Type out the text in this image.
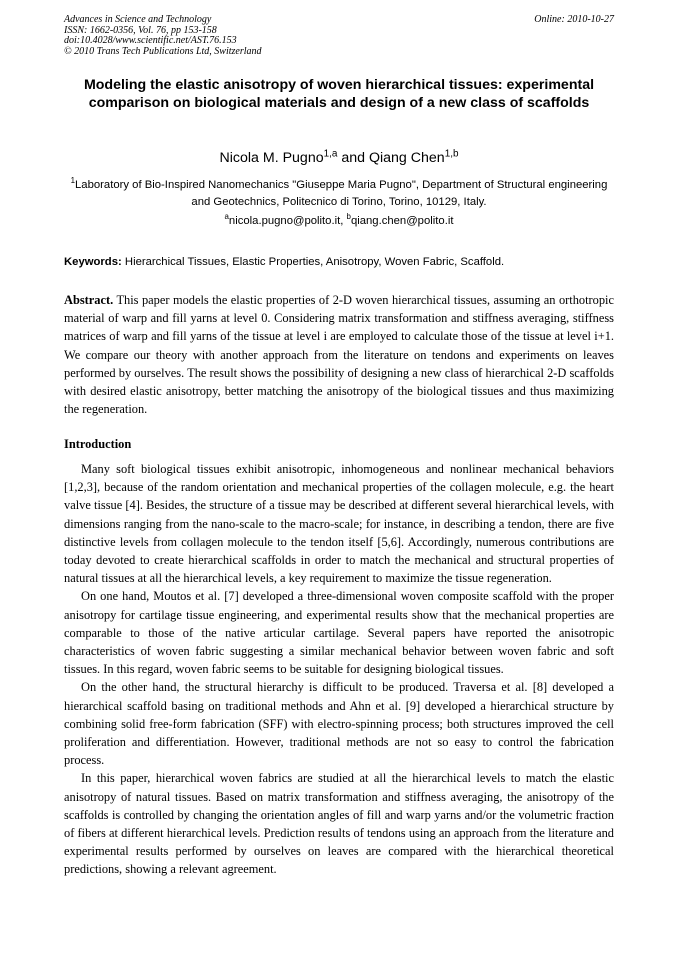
Advances in Science and Technology
ISSN: 1662-0356, Vol. 76, pp 153-158
doi:10.4028/www.scientific.net/AST.76.153
© 2010 Trans Tech Publications Ltd, Switzerland
Online: 2010-10-27
Modeling the elastic anisotropy of woven hierarchical tissues: experimental comparison on biological materials and design of a new class of scaffolds
Nicola M. Pugno$^{1,a}$ and Qiang Chen$^{1,b}$
$^1$Laboratory of Bio-Inspired Nanomechanics "Giuseppe Maria Pugno", Department of Structural engineering and Geotechnics, Politecnico di Torino, Torino, 10129, Italy.
$^a$nicola.pugno@polito.it, $^b$qiang.chen@polito.it
Keywords: Hierarchical Tissues, Elastic Properties, Anisotropy, Woven Fabric, Scaffold.
Abstract. This paper models the elastic properties of 2-D woven hierarchical tissues, assuming an orthotropic material of warp and fill yarns at level 0. Considering matrix transformation and stiffness averaging, stiffness matrices of warp and fill yarns of the tissue at level i are employed to calculate those of the tissue at level i+1. We compare our theory with another approach from the literature on tendons and experiments on leaves performed by ourselves. The result shows the possibility of designing a new class of hierarchical 2-D scaffolds with desired elastic anisotropy, better matching the anisotropy of the biological tissues and thus maximizing the regeneration.
Introduction

Many soft biological tissues exhibit anisotropic, inhomogeneous and nonlinear mechanical behaviors [1,2,3], because of the random orientation and mechanical properties of the collagen molecule, e.g. the heart valve tissue [4]. Besides, the structure of a tissue may be described at different several hierarchical levels, with dimensions ranging from the nano-scale to the macro-scale; for instance, in describing a tendon, there are five distinctive levels from collagen molecule to the tendon itself [5,6]. Accordingly, numerous contributions are today devoted to create hierarchical scaffolds in order to match the mechanical and structural properties of natural tissues at all the hierarchical levels, a key requirement to maximize the tissue regeneration.

On one hand, Moutos et al. [7] developed a three-dimensional woven composite scaffold with the proper anisotropy for cartilage tissue engineering, and experimental results show that the mechanical properties are comparable to those of the native articular cartilage. Several papers have reported the anisotropic characteristics of woven fabric suggesting a similar mechanical behavior between woven fabric and soft tissues. In this regard, woven fabric seems to be suitable for designing biological tissues.

On the other hand, the structural hierarchy is difficult to be produced. Traversa et al. [8] developed a hierarchical scaffold basing on traditional methods and Ahn et al. [9] developed a hierarchical structure by combining solid free-form fabrication (SFF) with electro-spinning process; both structures improved the cell proliferation and differentiation. However, traditional methods are not so easy to control the fabrication process.

In this paper, hierarchical woven fabrics are studied at all the hierarchical levels to match the elastic anisotropy of natural tissues. Based on matrix transformation and stiffness averaging, the anisotropy of the scaffolds is controlled by changing the orientation angles of fill and warp yarns and/or the volumetric fraction of fibers at different hierarchical levels. Prediction results of tendons using an approach from the literature and experimental results performed by ourselves on leaves are compared with the hierarchical theoretical predictions, showing a relevant agreement.
